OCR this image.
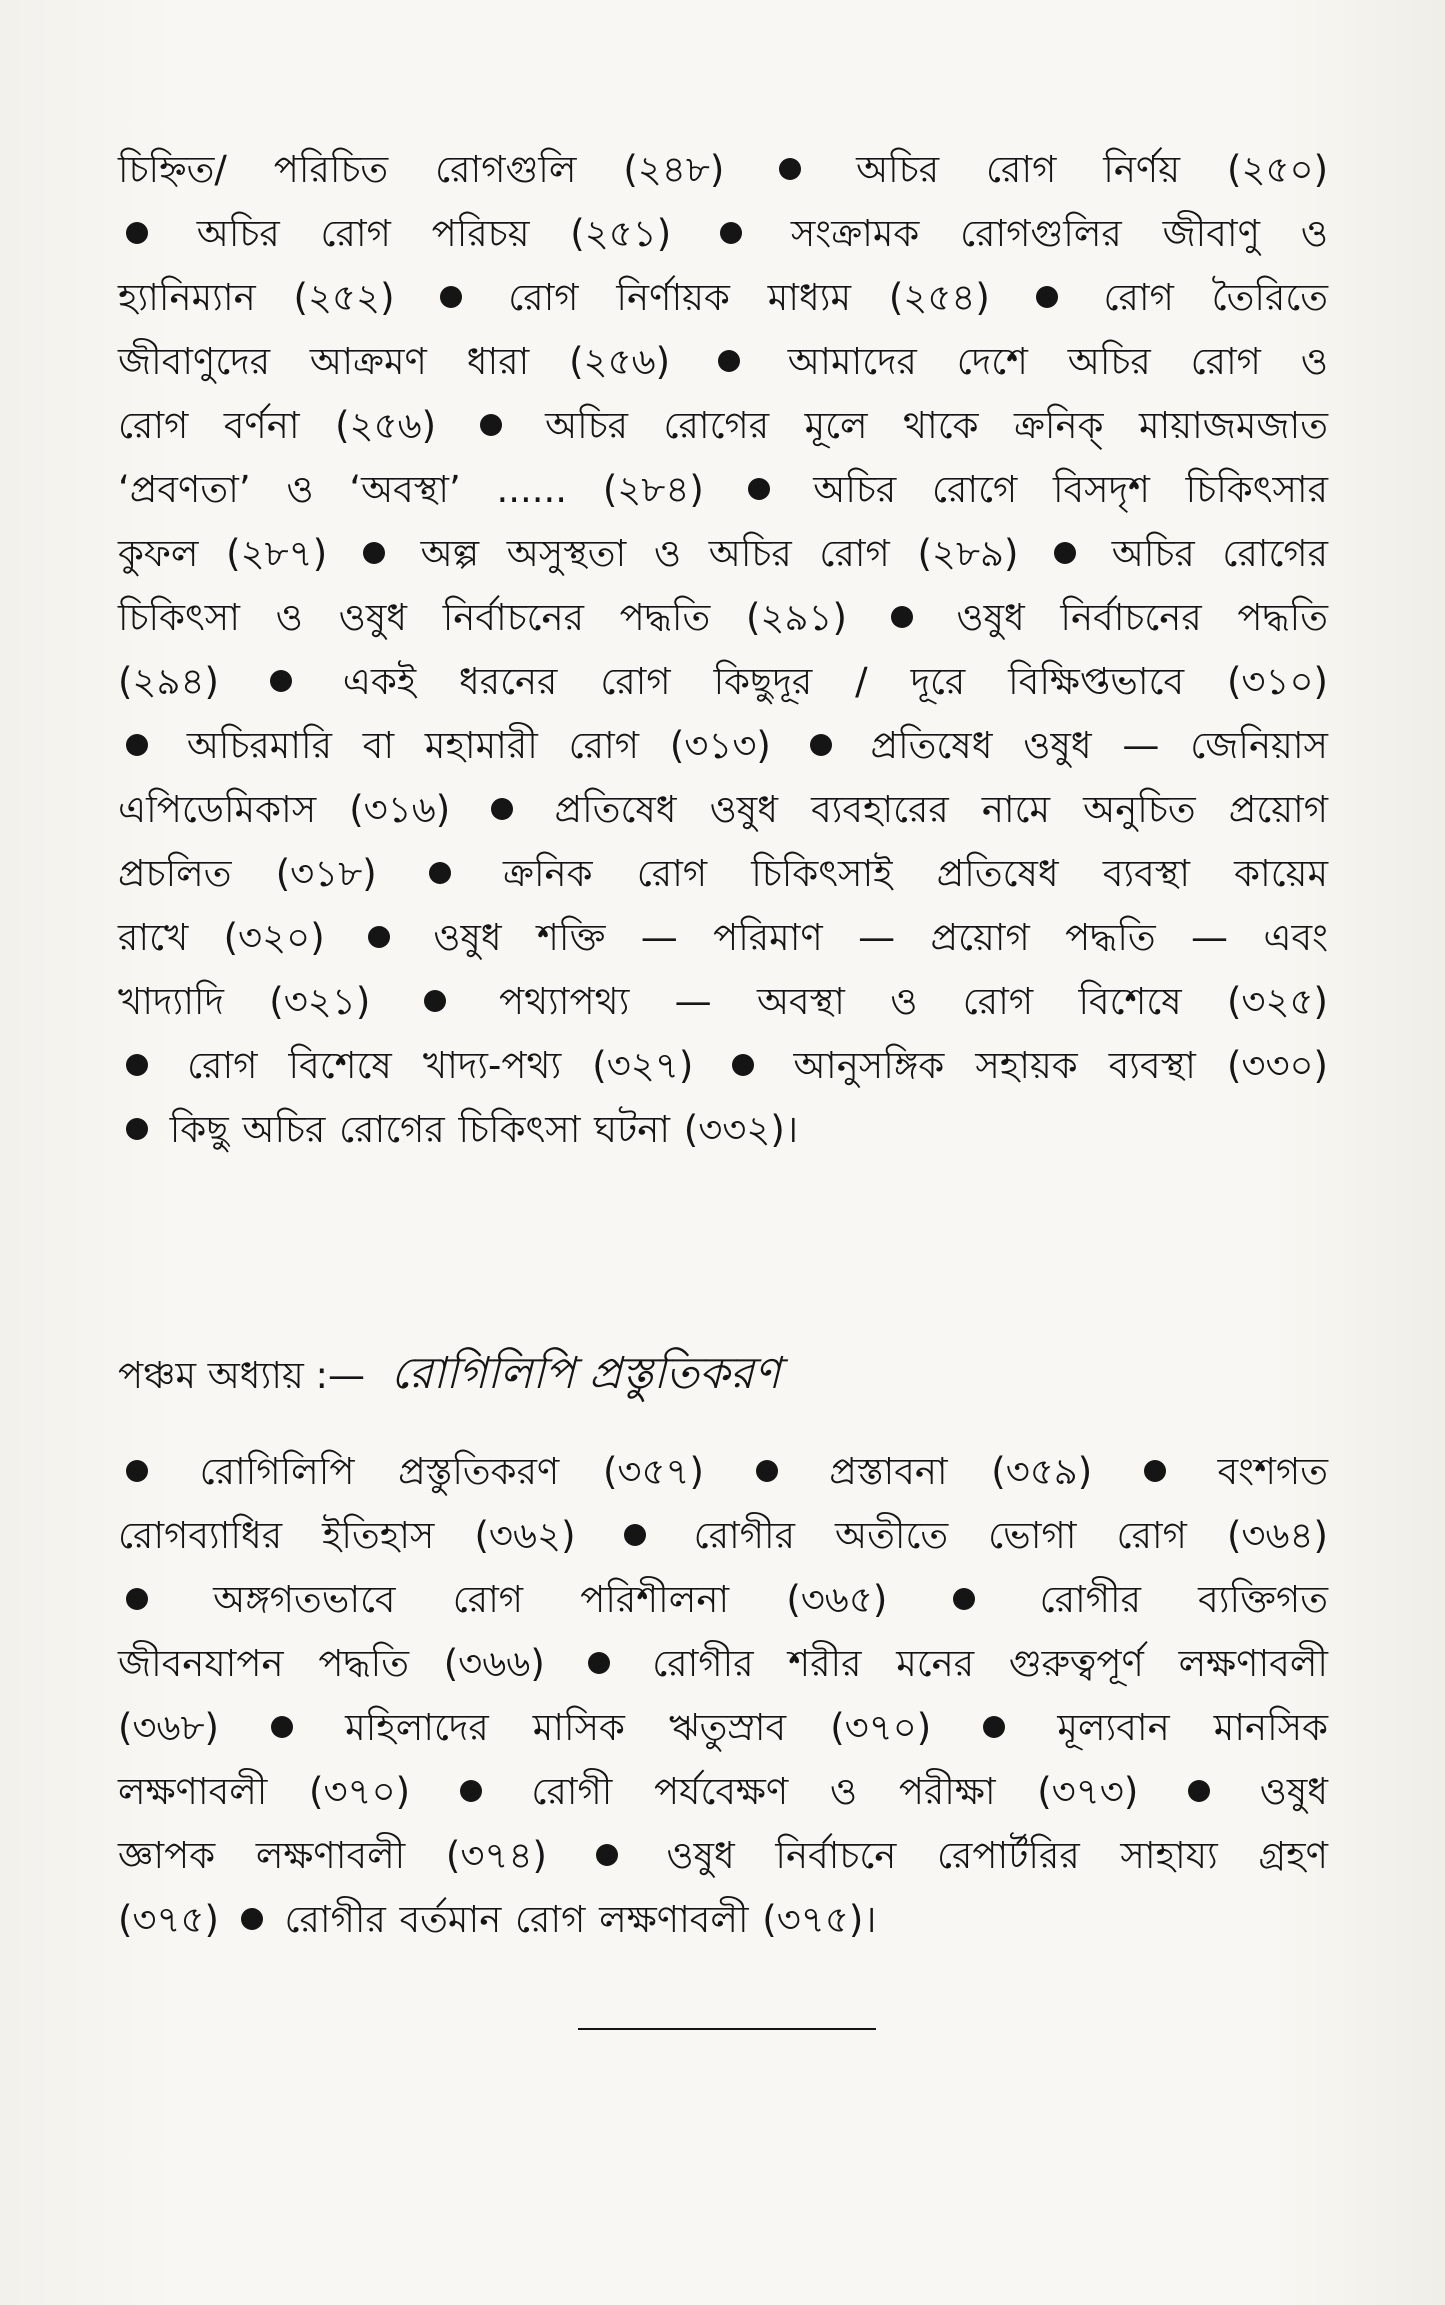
চিহ্নিত/ পরিচিত রোগগুলি (২৪৮)  অচির রোগ নির্ণয় (২৫০)
অচির রোগ পরিচয় (২৫১)  সংক্রামক রোগগুলির জীবাণু ও
হ্যানিম্যান (২৫২)  রোগ নির্ণায়ক মাধ্যম (২৫৪)  রোগ তৈরিতে
জীবাণুদের আক্রমণ ধারা (২৫৬)  আমাদের দেশে অচির রোগ ও
রোগ বর্ণনা (২৫৬)  অচির রোগের মূলে থাকে ক্রনিক্ মায়াজমজাত
‘প্রবণতা’ ও ‘অবস্থা’ ...... (২৮৪)  অচির রোগে বিসদৃশ চিকিৎসার
কুফল (২৮৭)  অল্প অসুস্থতা ও অচির রোগ (২৮৯)  অচির রোগের
চিকিৎসা ও ওষুধ নির্বাচনের পদ্ধতি (২৯১)  ওষুধ নির্বাচনের পদ্ধতি
(২৯৪)  একই ধরনের রোগ কিছুদূর / দূরে বিক্ষিপ্তভাবে (৩১০)
অচিরমারি বা মহামারী রোগ (৩১৩)  প্রতিষেধ ওষুধ — জেনিয়াস
এপিডেমিকাস (৩১৬)  প্রতিষেধ ওষুধ ব্যবহারের নামে অনুচিত প্রয়োগ
প্রচলিত (৩১৮)  ক্রনিক রোগ চিকিৎসাই প্রতিষেধ ব্যবস্থা কায়েম
রাখে (৩২০)  ওষুধ শক্তি — পরিমাণ — প্রয়োগ পদ্ধতি — এবং
খাদ্যাদি (৩২১)  পথ্যাপথ্য — অবস্থা ও রোগ বিশেষে (৩২৫)
রোগ বিশেষে খাদ্য-পথ্য (৩২৭)  আনুসঙ্গিক সহায়ক ব্যবস্থা (৩৩০)
কিছু অচির রোগের চিকিৎসা ঘটনা (৩৩২)।
পঞ্চম অধ্যায় :— রোগিলিপি প্রস্তুতিকরণ
রোগিলিপি প্রস্তুতিকরণ (৩৫৭)  প্রস্তাবনা (৩৫৯)  বংশগত
রোগব্যাধির ইতিহাস (৩৬২)  রোগীর অতীতে ভোগা রোগ (৩৬৪)
অঙ্গগতভাবে রোগ পরিশীলনা (৩৬৫)  রোগীর ব্যক্তিগত
জীবনযাপন পদ্ধতি (৩৬৬)  রোগীর শরীর মনের গুরুত্বপূর্ণ লক্ষণাবলী
(৩৬৮)  মহিলাদের মাসিক ঋতুস্রাব (৩৭০)  মূল্যবান মানসিক
লক্ষণাবলী (৩৭০)  রোগী পর্যবেক্ষণ ও পরীক্ষা (৩৭৩)  ওষুধ
জ্ঞাপক লক্ষণাবলী (৩৭৪)  ওষুধ নির্বাচনে রেপার্টরির সাহায্য গ্রহণ
(৩৭৫)  রোগীর বর্তমান রোগ লক্ষণাবলী (৩৭৫)।
